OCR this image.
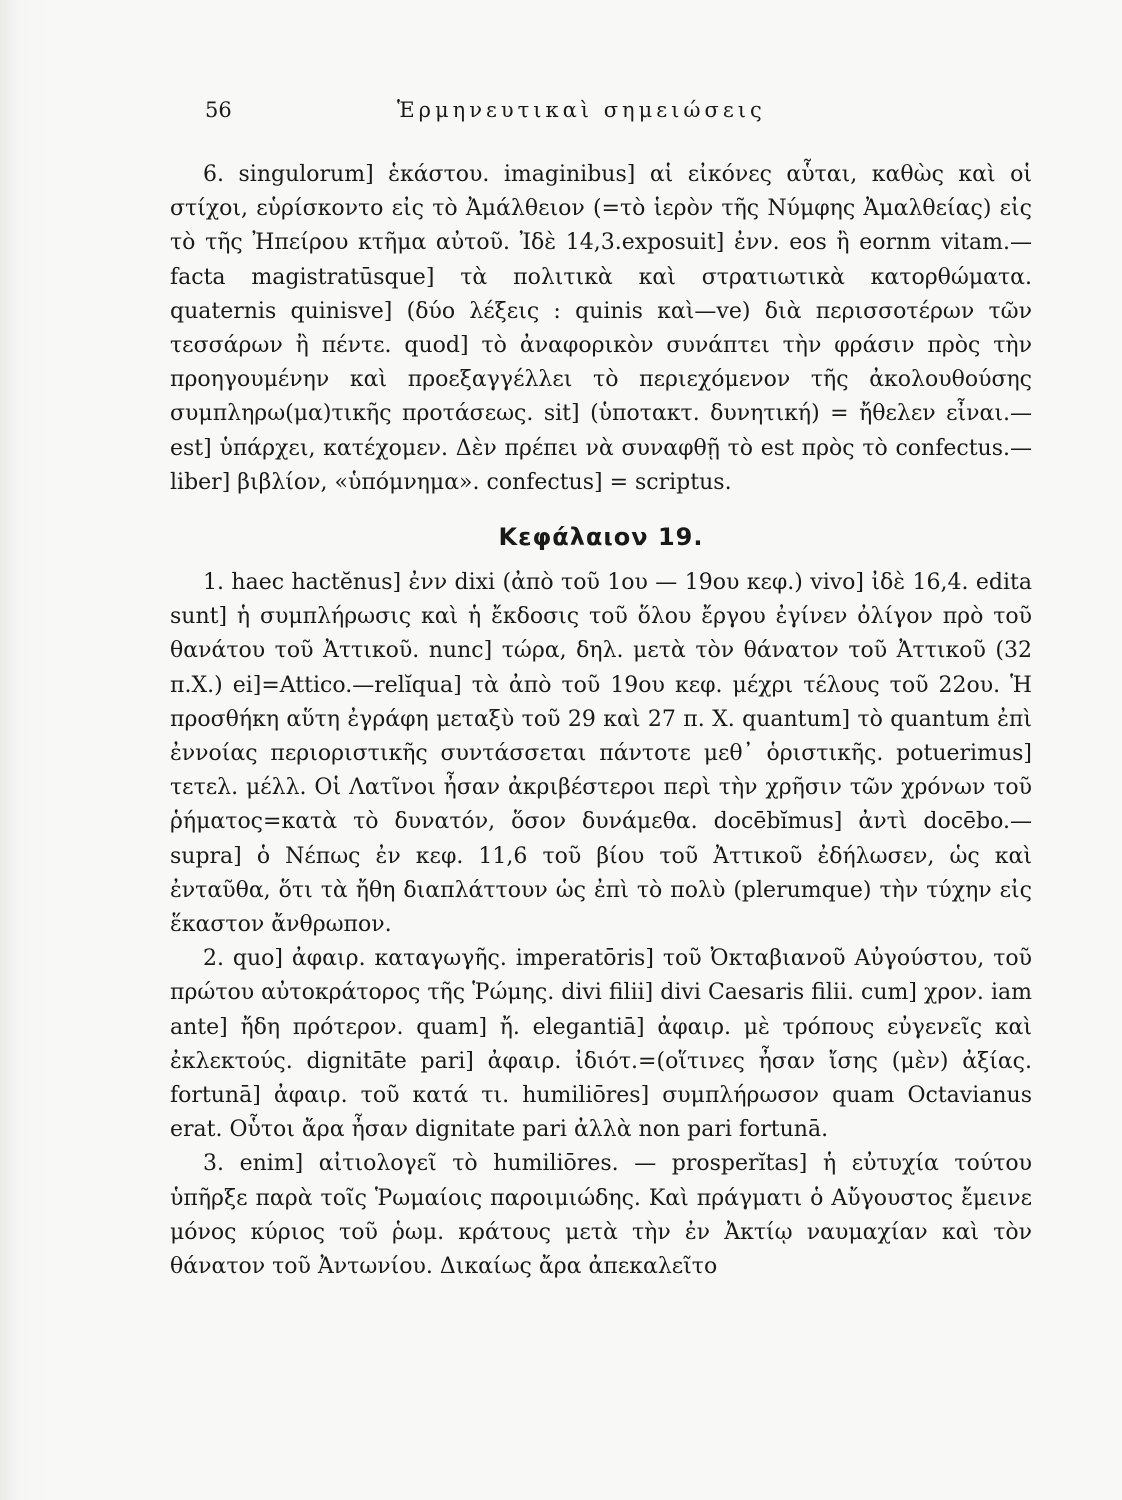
56	Ἑρμηνευτικαὶ σημειώσεις

6. singulorum] ἑκάστου. imaginibus] αἱ εἰκόνες αὗται, καθὼς καὶ οἱ στίχοι, εὑρίσκοντο εἰς τὸ Ἀμάλθειον (=τὸ ἱερὸν τῆς Νύμφης Ἀμαλθείας) εἰς τὸ τῆς Ἠπείρου κτῆμα αὐτοῦ. Ἰδὲ 14,3.exposuit] ἐνν. eos ἢ eornm vitam.—facta magistratūsque] τὰ πολιτικὰ καὶ στρατιωτικὰ κατορθώματα. quaternis quinisve] (δύο λέξεις : quinis καὶ—ve) διὰ περισσοτέρων τῶν τεσσάρων ἢ πέντε. quod] τὸ ἀναφορικὸν συνάπτει τὴν φράσιν πρὸς τὴν προηγουμένην καὶ προεξαγγέλλει τὸ περιεχόμενον τῆς ἀκολουθούσης συμπληρω(μα)τικῆς προτάσεως. sit] (ὑποτακτ. δυνητική) = ἤθελεν εἶναι.—est] ὑπάρχει, κατέχομεν. Δὲν πρέπει νὰ συναφθῇ τὸ est πρὸς τὸ confectus.—liber] βιβλίον, «ὑπόμνημα». confectus] = scriptus.

Κεφάλαιον 19.

1. haec hactĕnus] ἐνν dixi (ἀπὸ τοῦ 1ου — 19ου κεφ.) vivo] ἰδὲ 16,4. edita sunt] ἡ συμπλήρωσις καὶ ἡ ἔκδοσις τοῦ ὅλου ἔργου ἐγίνεν ὀλίγον πρὸ τοῦ θανάτου τοῦ Ἀττικοῦ. nunc] τώρα, δηλ. μετὰ τὸν θάνατον τοῦ Ἀττικοῦ (32 π.Χ.) ei]=Attico.—relĭqua] τὰ ἀπὸ τοῦ 19ου κεφ. μέχρι τέλους τοῦ 22ου. Ἡ προσθήκη αὕτη ἐγράφη μεταξὺ τοῦ 29 καὶ 27 π. Χ. quantum] τὸ quantum ἐπὶ ἐννοίας περιοριστικῆς συντάσσεται πάντοτε μεθ᾽ ὁριστικῆς. potuerimus] τετελ. μέλλ. Οἱ Λατῖνοι ἦσαν ἀκριβέστεροι περὶ τὴν χρῆσιν τῶν χρόνων τοῦ ῥήματος=κατὰ τὸ δυνατόν, ὅσον δυνάμεθα. docēbĭmus] ἀντὶ docēbo.—supra] ὁ Νέπως ἐν κεφ. 11,6 τοῦ βίου τοῦ Ἀττικοῦ ἐδήλωσεν, ὡς καὶ ἐνταῦθα, ὅτι τὰ ἤθη διαπλάττουν ὡς ἐπὶ τὸ πολὺ (plerumque) τὴν τύχην εἰς ἕκαστον ἄνθρωπον.

2. quo] ἀφαιρ. καταγωγῆς. imperatōris] τοῦ Ὀκταβιανοῦ Αὐγούστου, τοῦ πρώτου αὐτοκράτορος τῆς Ῥώμης. divi filii] divi Caesaris filii. cum] χρον. iam ante] ἤδη πρότερον. quam] ἤ. elegantiā] ἀφαιρ. μὲ τρόπους εὐγενεῖς καὶ ἐκλεκτούς. dignitāte pari] ἀφαιρ. ἰδιότ.=(οἵτινες ἦσαν ἴσης (μὲν) ἀξίας. fortunā] ἀφαιρ. τοῦ κατά τι. humiliōres] συμπλήρωσον quam Octavianus erat. Οὗτοι ἄρα ἦσαν dignitate pari ἀλλὰ non pari fortunā.

3. enim] αἰτιολογεῖ τὸ humiliōres. — prosperĭtas] ἡ εὐτυχία τούτου ὑπῆρξε παρὰ τοῖς Ῥωμαίοις παροιμιώδης. Καὶ πράγματι ὁ Αὔγουστος ἔμεινε μόνος κύριος τοῦ ῥωμ. κράτους μετὰ τὴν ἐν Ἀκτίῳ ναυμαχίαν καὶ τὸν θάνατον τοῦ Ἀντωνίου. Δικαίως ἄρα ἀπεκαλεῖτο
